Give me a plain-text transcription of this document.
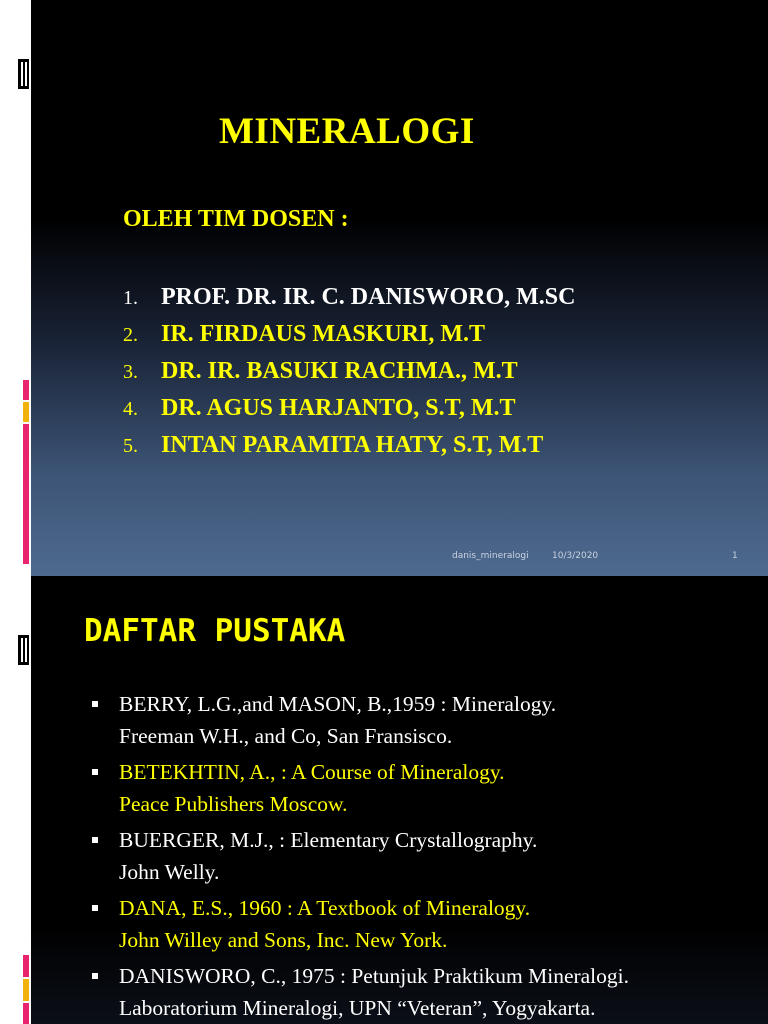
MINERALOGI
OLEH TIM DOSEN :
1. PROF. DR. IR. C. DANISWORO, M.SC
2. IR. FIRDAUS MASKURI, M.T
3. DR. IR. BASUKI RACHMA., M.T
4. DR. AGUS HARJANTO, S.T, M.T
5. INTAN PARAMITA HATY, S.T, M.T
danis_mineralogi	10/3/2020	1
DAFTAR PUSTAKA
BERRY, L.G.,and MASON, B.,1959 : Mineralogy.
Freeman W.H., and Co, San Fransisco.
BETEKHTIN, A., : A Course of Mineralogy.
Peace Publishers Moscow.
BUERGER, M.J., : Elementary Crystallography.
John Welly.
DANA, E.S., 1960 : A Textbook of Mineralogy.
John Willey and Sons, Inc. New York.
DANISWORO, C., 1975 : Petunjuk Praktikum Mineralogi.
Laboratorium Mineralogi, UPN “Veteran”, Yogyakarta.
